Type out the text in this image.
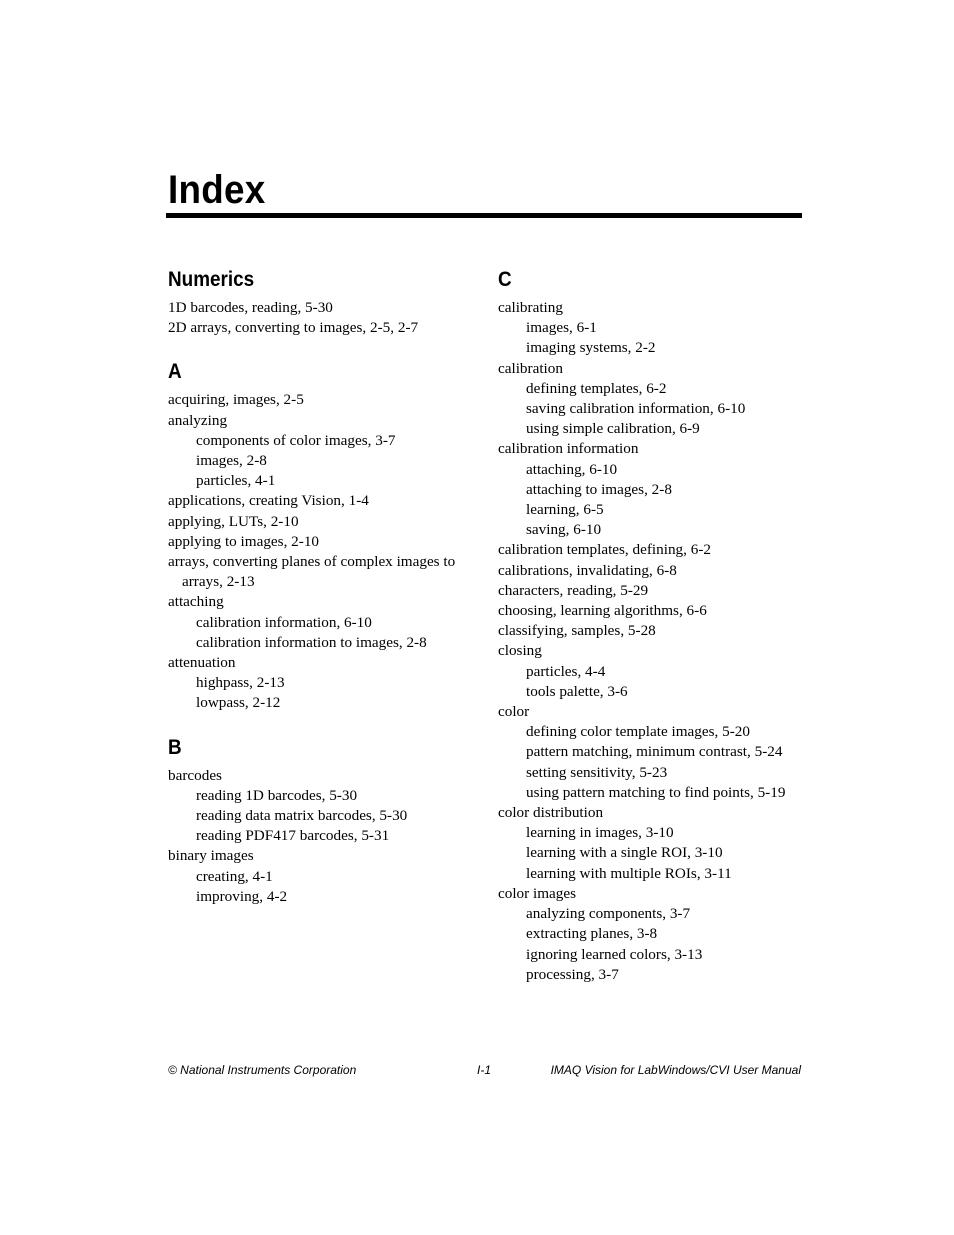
Index
Numerics
1D barcodes, reading, 5-30
2D arrays, converting to images, 2-5, 2-7
A
acquiring, images, 2-5
analyzing
components of color images, 3-7
images, 2-8
particles, 4-1
applications, creating Vision, 1-4
applying, LUTs, 2-10
applying to images, 2-10
arrays, converting planes of complex images to arrays, 2-13
attaching
calibration information, 6-10
calibration information to images, 2-8
attenuation
highpass, 2-13
lowpass, 2-12
B
barcodes
reading 1D barcodes, 5-30
reading data matrix barcodes, 5-30
reading PDF417 barcodes, 5-31
binary images
creating, 4-1
improving, 4-2
C
calibrating
images, 6-1
imaging systems, 2-2
calibration
defining templates, 6-2
saving calibration information, 6-10
using simple calibration, 6-9
calibration information
attaching, 6-10
attaching to images, 2-8
learning, 6-5
saving, 6-10
calibration templates, defining, 6-2
calibrations, invalidating, 6-8
characters, reading, 5-29
choosing, learning algorithms, 6-6
classifying, samples, 5-28
closing
particles, 4-4
tools palette, 3-6
color
defining color template images, 5-20
pattern matching, minimum contrast, 5-24
setting sensitivity, 5-23
using pattern matching to find points, 5-19
color distribution
learning in images, 3-10
learning with a single ROI, 3-10
learning with multiple ROIs, 3-11
color images
analyzing components, 3-7
extracting planes, 3-8
ignoring learned colors, 3-13
processing, 3-7
© National Instruments Corporation	I-1	IMAQ Vision for LabWindows/CVI User Manual
